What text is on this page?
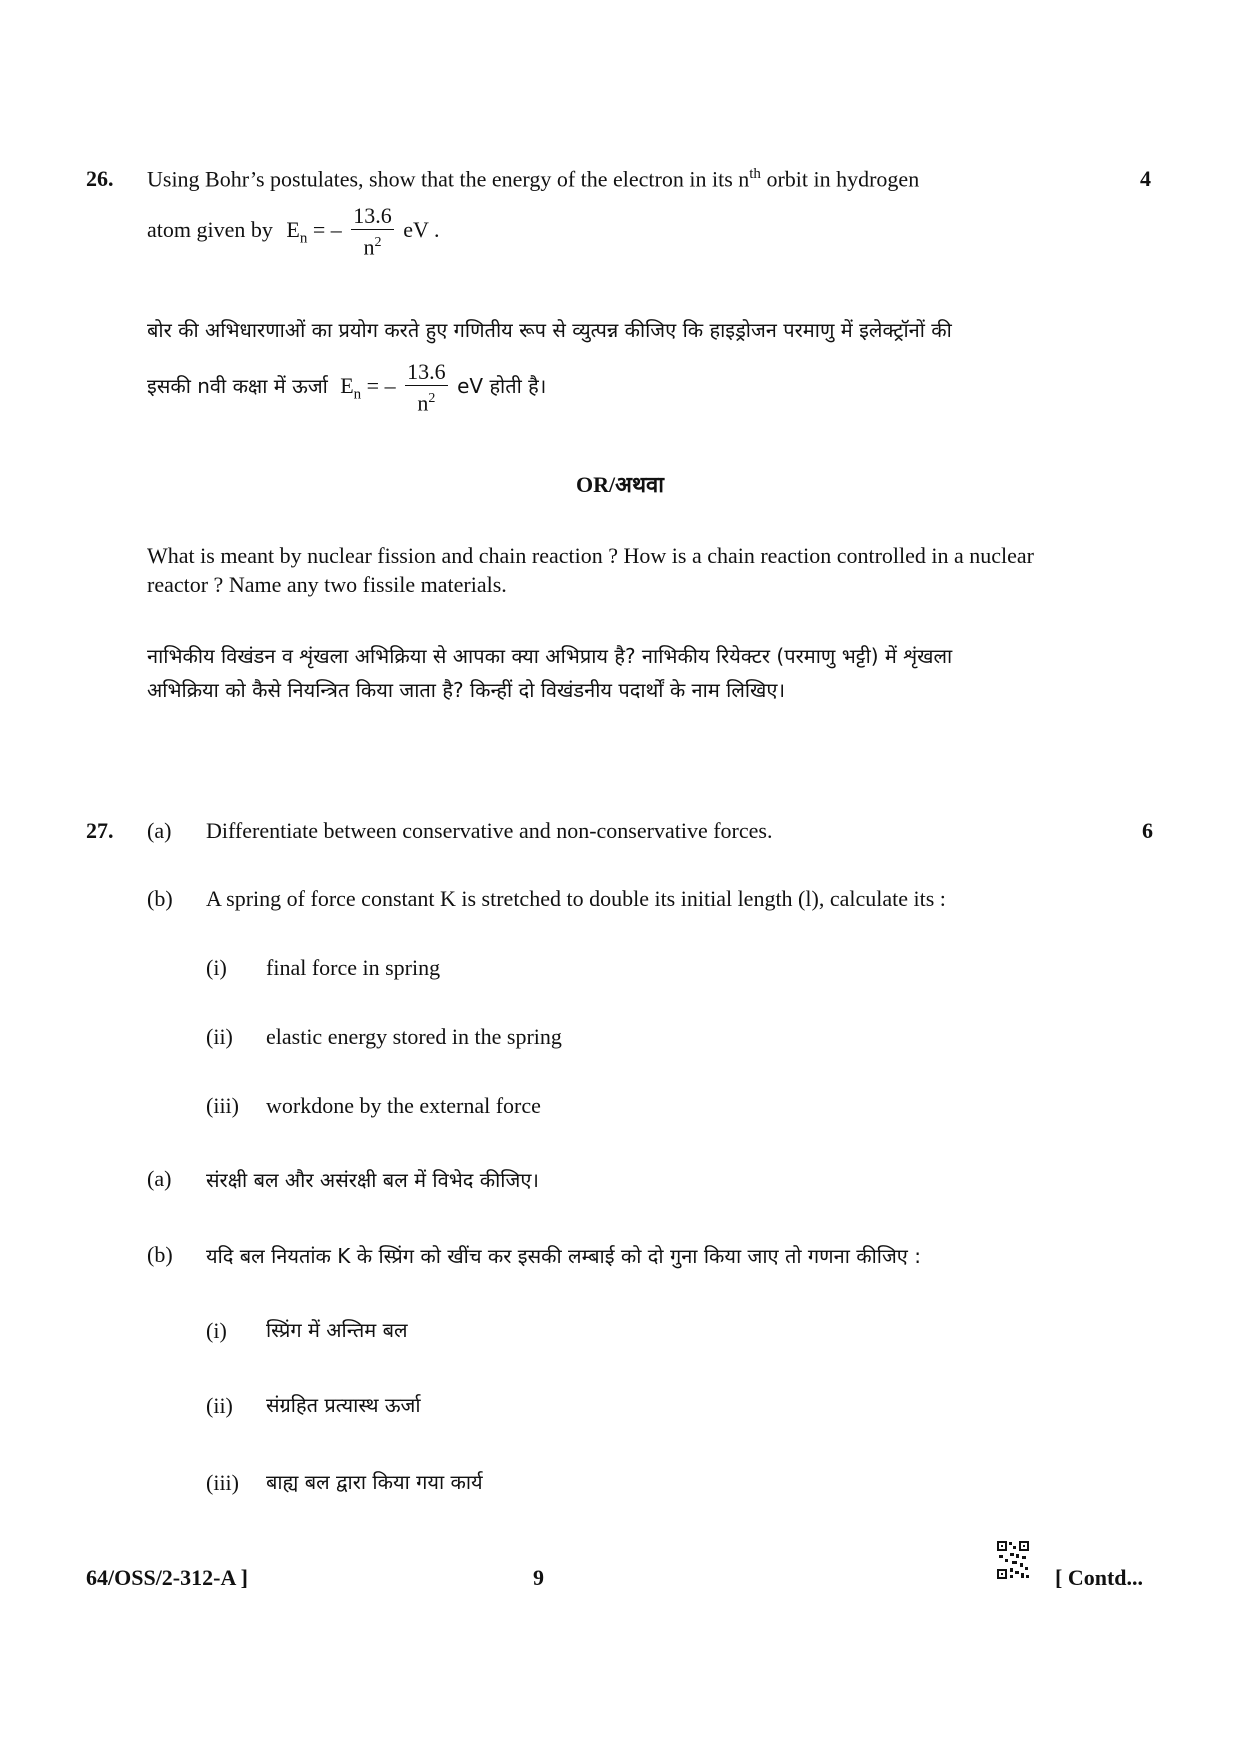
26.	4
Using Bohr’s postulates, show that the energy of the electron in its $n^{th}$ orbit in hydrogen
atom given by $E_n$ = – $\frac{13.6}{n^2}$ eV .
बोर की अभिधारणाओं का प्रयोग करते हुए गणितीय रूप से व्युत्पन्न कीजिए कि हाइड्रोजन परमाणु में इलेक्ट्रॉनों की
इसकी nवी कक्षा में ऊर्जा $E_n$ = – $\frac{13.6}{n^2}$ eV होती है।
OR/अथवा
What is meant by nuclear fission and chain reaction ? How is a chain reaction controlled in a nuclear reactor ? Name any two fissile materials.
नाभिकीय विखंडन व शृंखला अभिक्रिया से आपका क्या अभिप्राय है? नाभिकीय रियेक्टर (परमाणु भट्टी) में शृंखला
अभिक्रिया को कैसे नियन्त्रित किया जाता है? किन्हीं दो विखंडनीय पदार्थों के नाम लिखिए।
27.	6
(a) Differentiate between conservative and non-conservative forces.
(b) A spring of force constant K is stretched to double its initial length (l), calculate its :
(i) final force in spring
(ii) elastic energy stored in the spring
(iii) workdone by the external force
(a) संरक्षी बल और असंरक्षी बल में विभेद कीजिए।
(b) यदि बल नियतांक K के स्प्रिंग को खींच कर इसकी लम्बाई को दो गुना किया जाए तो गणना कीजिए :
(i) स्प्रिंग में अन्तिम बल
(ii) संग्रहित प्रत्यास्थ ऊर्जा
(iii) बाह्य बल द्वारा किया गया कार्य
64/OSS/2-312-A ]	9	[ Contd...
